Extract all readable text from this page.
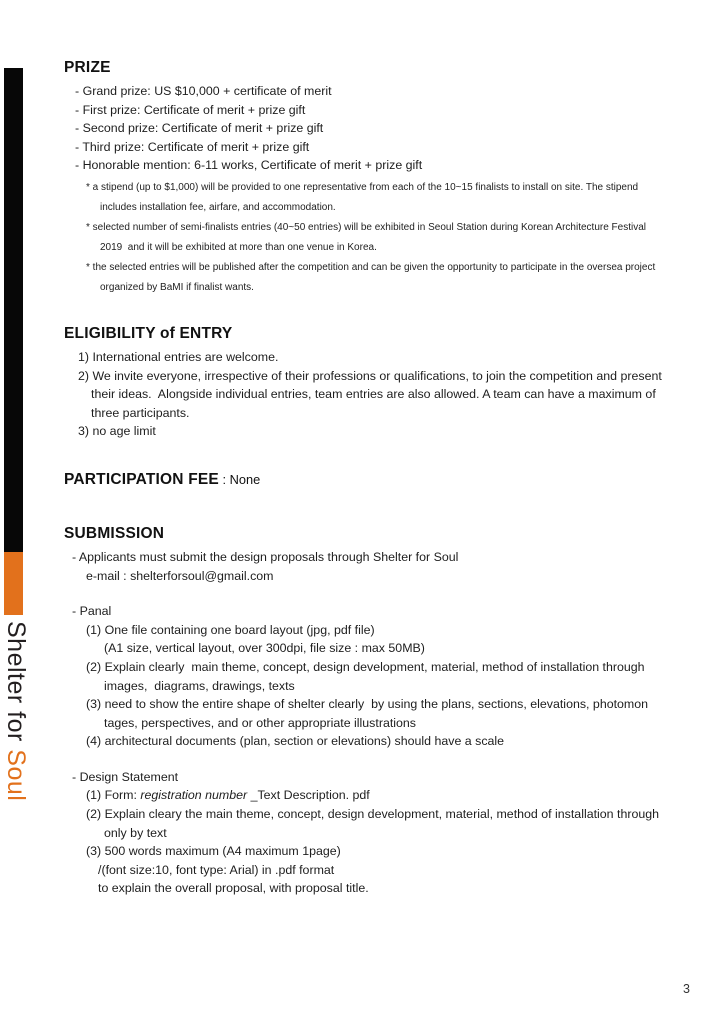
Shelter for Soul
PRIZE
- Grand prize: US $10,000 + certificate of merit
- First prize: Certificate of merit + prize gift
- Second prize: Certificate of merit + prize gift
- Third prize: Certificate of merit + prize gift
- Honorable mention: 6-11 works, Certificate of merit + prize gift
* a stipend (up to $1,000) will be provided to one representative from each of the 10~15 finalists to install on site. The stipend
includes installation fee, airfare, and accommodation.
* selected number of semi-finalists entries (40~50 entries) will be exhibited in Seoul Station during Korean Architecture Festival
2019  and it will be exhibited at more than one venue in Korea.
* the selected entries will be published after the competition and can be given the opportunity to participate in the oversea project
organized by BaMI if finalist wants.
ELIGIBILITY of ENTRY
1) International entries are welcome.
2) We invite everyone, irrespective of their professions or qualifications, to join the competition and present
their ideas.  Alongside individual entries, team entries are also allowed. A team can have a maximum of
three participants.
3) no age limit
PARTICIPATION FEE : None
SUBMISSION
- Applicants must submit the design proposals through Shelter for Soul
e-mail : shelterforsoul@gmail.com
- Panal
(1) One file containing one board layout (jpg, pdf file)
(A1 size, vertical layout, over 300dpi, file size : max 50MB)
(2) Explain clearly  main theme, concept, design development, material, method of installation through
images,  diagrams, drawings, texts
(3) need to show the entire shape of shelter clearly  by using the plans, sections, elevations, photomon
tages, perspectives, and or other appropriate illustrations
(4) architectural documents (plan, section or elevations) should have a scale
- Design Statement
(1) Form: registration number _Text Description. pdf
(2) Explain cleary the main theme, concept, design development, material, method of installation through
only by text
(3) 500 words maximum (A4 maximum 1page)
/(font size:10, font type: Arial) in .pdf format
to explain the overall proposal, with proposal title.
3
